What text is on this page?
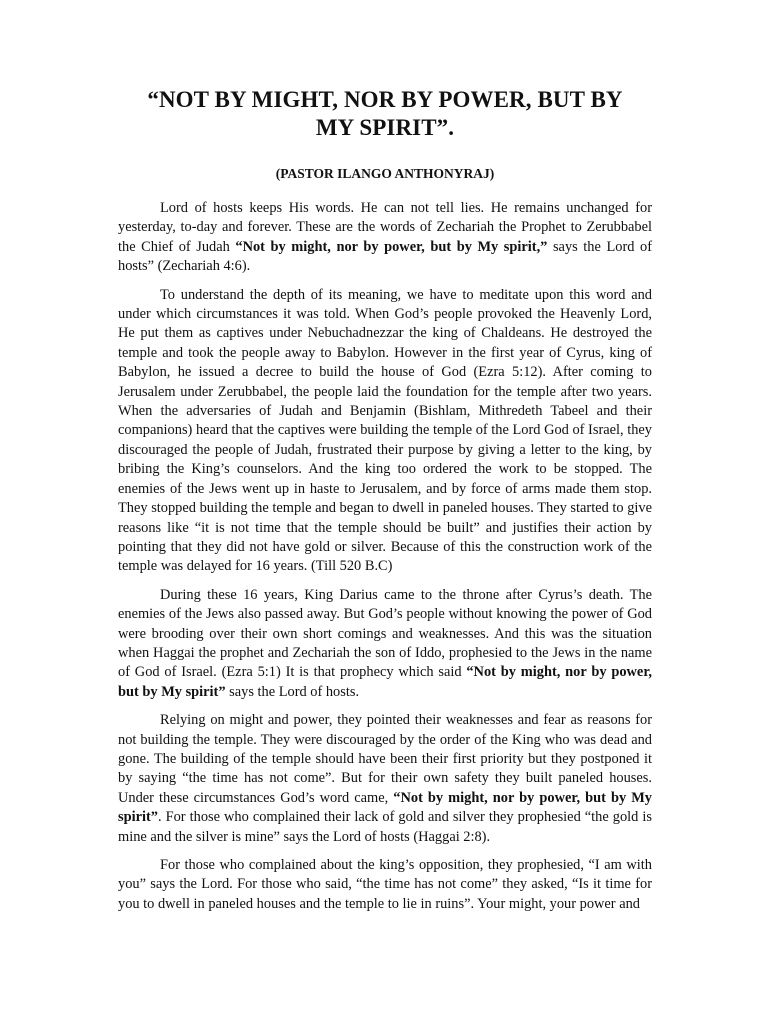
“NOT BY MIGHT, NOR BY POWER, BUT BY
MY SPIRIT”.

(PASTOR ILANGO ANTHONYRAJ)

Lord of hosts keeps His words. He can not tell lies. He remains unchanged for yesterday, to-day and forever. These are the words of Zechariah the Prophet to Zerubbabel the Chief of Judah “Not by might, nor by power, but by My spirit,” says the Lord of hosts” (Zechariah 4:6).

To understand the depth of its meaning, we have to meditate upon this word and under which circumstances it was told. When God’s people provoked the Heavenly Lord, He put them as captives under Nebuchadnezzar the king of Chaldeans. He destroyed the temple and took the people away to Babylon. However in the first year of Cyrus, king of Babylon, he issued a decree to build the house of God (Ezra 5:12). After coming to Jerusalem under Zerubbabel, the people laid the foundation for the temple after two years. When the adversaries of Judah and Benjamin (Bishlam, Mithredeth Tabeel and their companions) heard that the captives were building the temple of the Lord God of Israel, they discouraged the people of Judah, frustrated their purpose by giving a letter to the king, by bribing the King’s counselors. And the king too ordered the work to be stopped. The enemies of the Jews went up in haste to Jerusalem, and by force of arms made them stop. They stopped building the temple and began to dwell in paneled houses. They started to give reasons like “it is not time that the temple should be built” and justifies their action by pointing that they did not have gold or silver. Because of this the construction work of the temple was delayed for 16 years. (Till 520 B.C)

During these 16 years, King Darius came to the throne after Cyrus’s death. The enemies of the Jews also passed away. But God’s people without knowing the power of God were brooding over their own short comings and weaknesses. And this was the situation when Haggai the prophet and Zechariah the son of Iddo, prophesied to the Jews in the name of God of Israel. (Ezra 5:1) It is that prophecy which said “Not by might, nor by power, but by My spirit” says the Lord of hosts.

Relying on might and power, they pointed their weaknesses and fear as reasons for not building the temple. They were discouraged by the order of the King who was dead and gone. The building of the temple should have been their first priority but they postponed it by saying “the time has not come”. But for their own safety they built paneled houses. Under these circumstances God’s word came, “Not by might, nor by power, but by My spirit”. For those who complained their lack of gold and silver they prophesied “the gold is mine and the silver is mine” says the Lord of hosts (Haggai 2:8).

For those who complained about the king’s opposition, they prophesied, “I am with you” says the Lord. For those who said, “the time has not come” they asked, “Is it time for you to dwell in paneled houses and the temple to lie in ruins”. Your might, your power and
